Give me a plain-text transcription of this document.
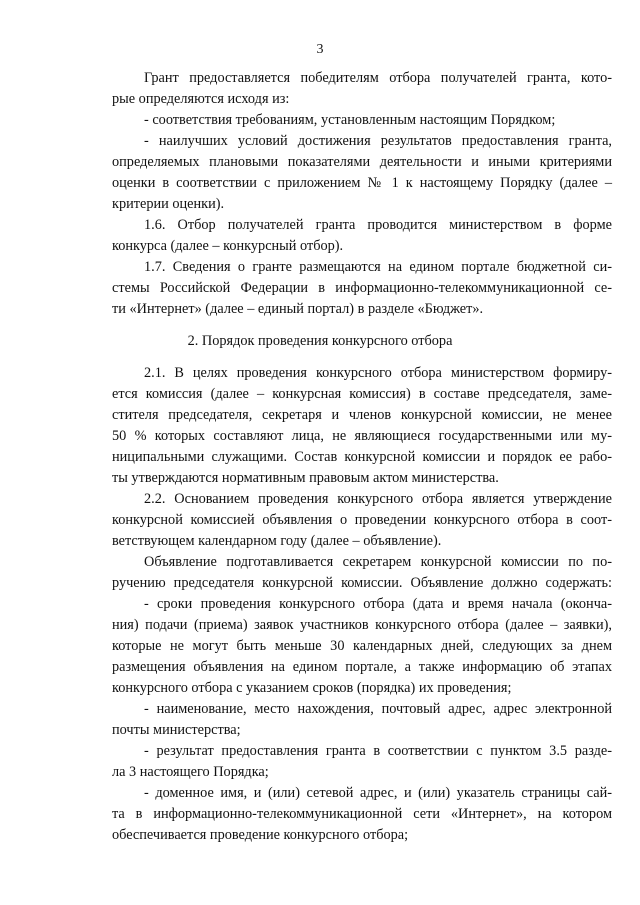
3
Грант предоставляется победителям отбора получателей гранта, кото-
рые определяются исходя из:
- соответствия требованиям, установленным настоящим Порядком;
- наилучших условий достижения результатов предоставления гранта,
определяемых плановыми показателями деятельности и иными критериями
оценки в соответствии с приложением № 1 к настоящему Порядку (далее –
критерии оценки).
1.6. Отбор получателей гранта проводится министерством в форме
конкурса (далее – конкурсный отбор).
1.7. Сведения о гранте размещаются на едином портале бюджетной си-
стемы Российской Федерации в информационно-телекоммуникационной се-
ти «Интернет» (далее – единый портал) в разделе «Бюджет».
2. Порядок проведения конкурсного отбора
2.1. В целях проведения конкурсного отбора министерством формиру-
ется комиссия (далее – конкурсная комиссия) в составе председателя, заме-
стителя председателя, секретаря и членов конкурсной комиссии, не менее
50 % которых составляют лица, не являющиеся государственными или му-
ниципальными служащими. Состав конкурсной комиссии и порядок ее рабо-
ты утверждаются нормативным правовым актом министерства.
2.2. Основанием проведения конкурсного отбора является утверждение
конкурсной комиссией объявления о проведении конкурсного отбора в соот-
ветствующем календарном году (далее – объявление).
Объявление подготавливается секретарем конкурсной комиссии по по-
ручению председателя конкурсной комиссии. Объявление должно содержать:
- сроки проведения конкурсного отбора (дата и время начала (оконча-
ния) подачи (приема) заявок участников конкурсного отбора (далее – заявки),
которые не могут быть меньше 30 календарных дней, следующих за днем
размещения объявления на едином портале, а также информацию об этапах
конкурсного отбора с указанием сроков (порядка) их проведения;
- наименование, место нахождения, почтовый адрес, адрес электронной
почты министерства;
- результат предоставления гранта в соответствии с пунктом 3.5 разде-
ла 3 настоящего Порядка;
- доменное имя, и (или) сетевой адрес, и (или) указатель страницы сай-
та в информационно-телекоммуникационной сети «Интернет», на котором
обеспечивается проведение конкурсного отбора;
